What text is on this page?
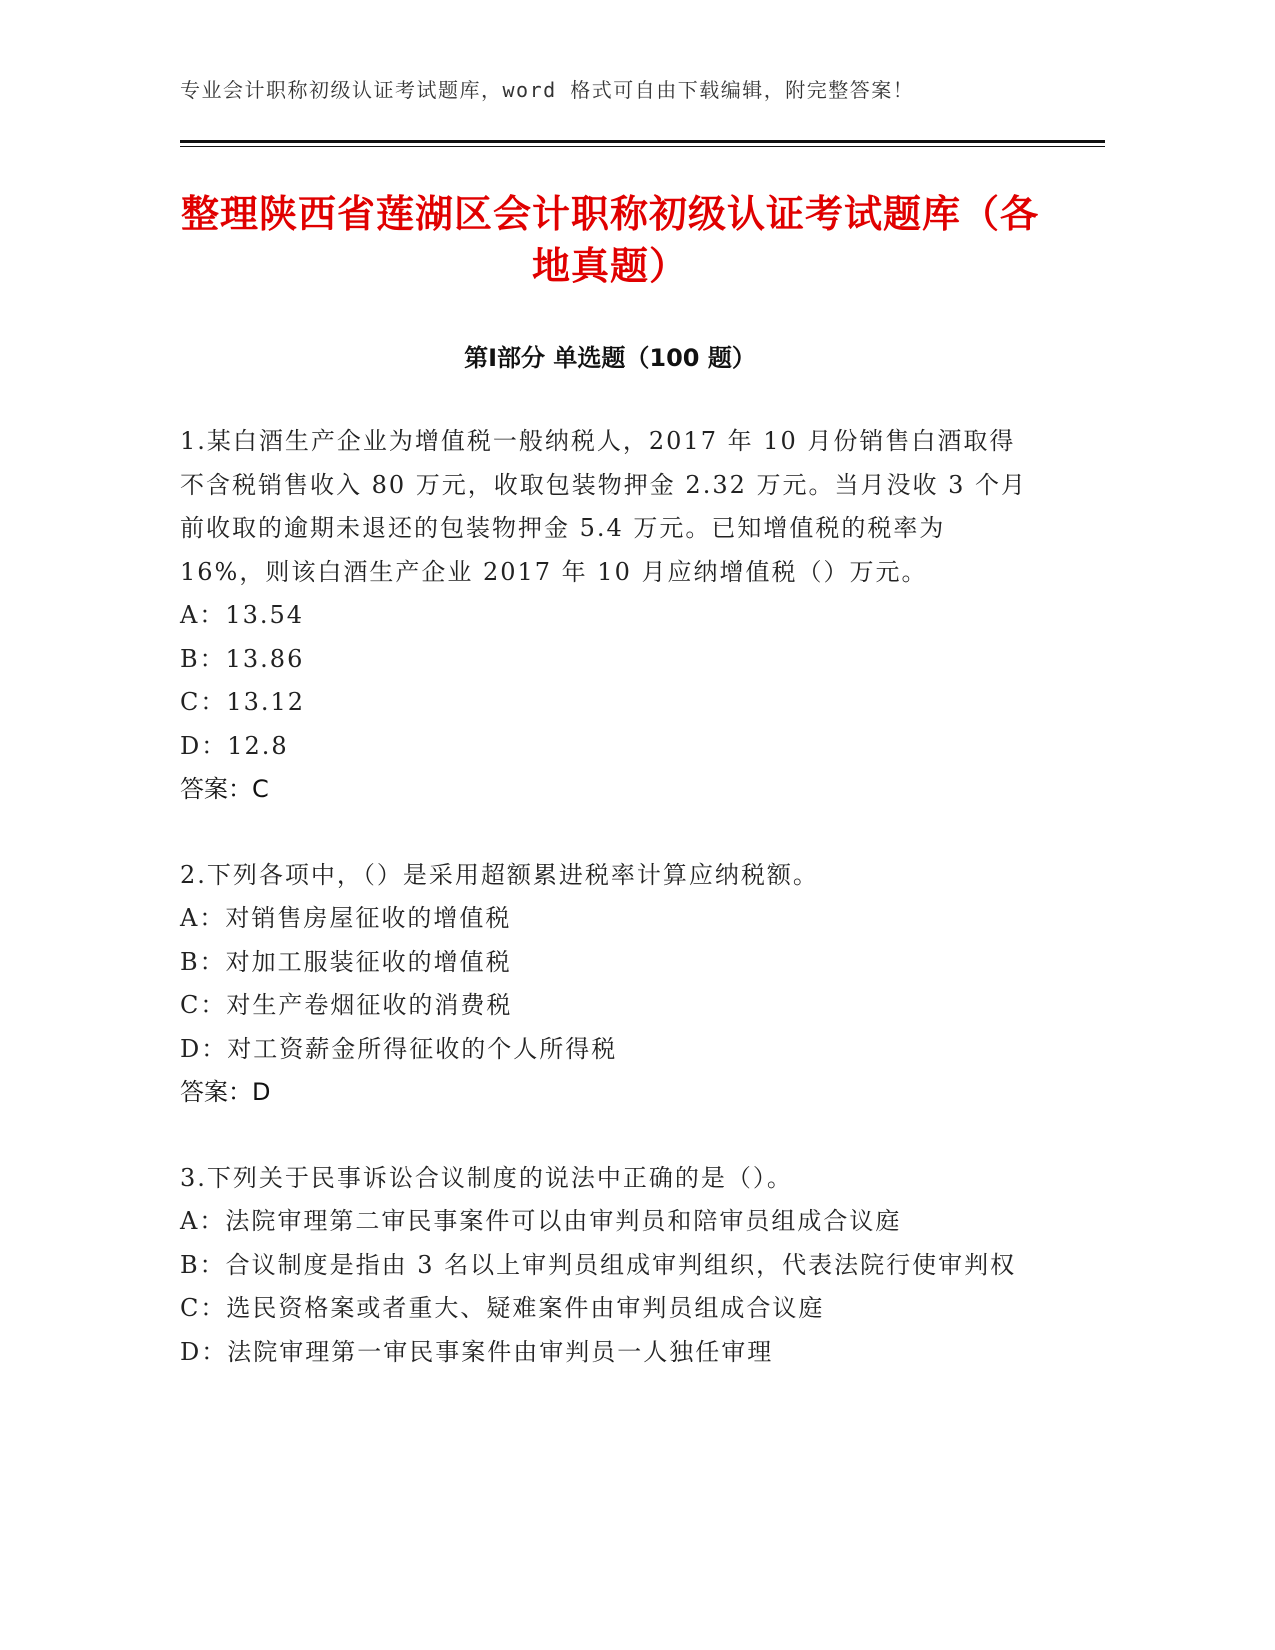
专业会计职称初级认证考试题库，word 格式可自由下载编辑，附完整答案！
整理陕西省莲湖区会计职称初级认证考试题库（各地真题）
第Ⅰ部分 单选题（100 题）

1.某白酒生产企业为增值税一般纳税人，2017 年 10 月份销售白酒取得不含税销售收入 80 万元，收取包装物押金 2.32 万元。当月没收 3 个月前收取的逾期未退还的包装物押金 5.4 万元。已知增值税的税率为 16%，则该白酒生产企业 2017 年 10 月应纳增值税（）万元。

A：13.54

B：13.86

C：13.12

D：12.8

答案：C

2.下列各项中，（）是采用超额累进税率计算应纳税额。

A：对销售房屋征收的增值税

B：对加工服装征收的增值税

C：对生产卷烟征收的消费税

D：对工资薪金所得征收的个人所得税

答案：D

3.下列关于民事诉讼合议制度的说法中正确的是（）。

A：法院审理第二审民事案件可以由审判员和陪审员组成合议庭

B：合议制度是指由 3 名以上审判员组成审判组织，代表法院行使审判权

C：选民资格案或者重大、疑难案件由审判员组成合议庭

D：法院审理第一审民事案件由审判员一人独任审理
